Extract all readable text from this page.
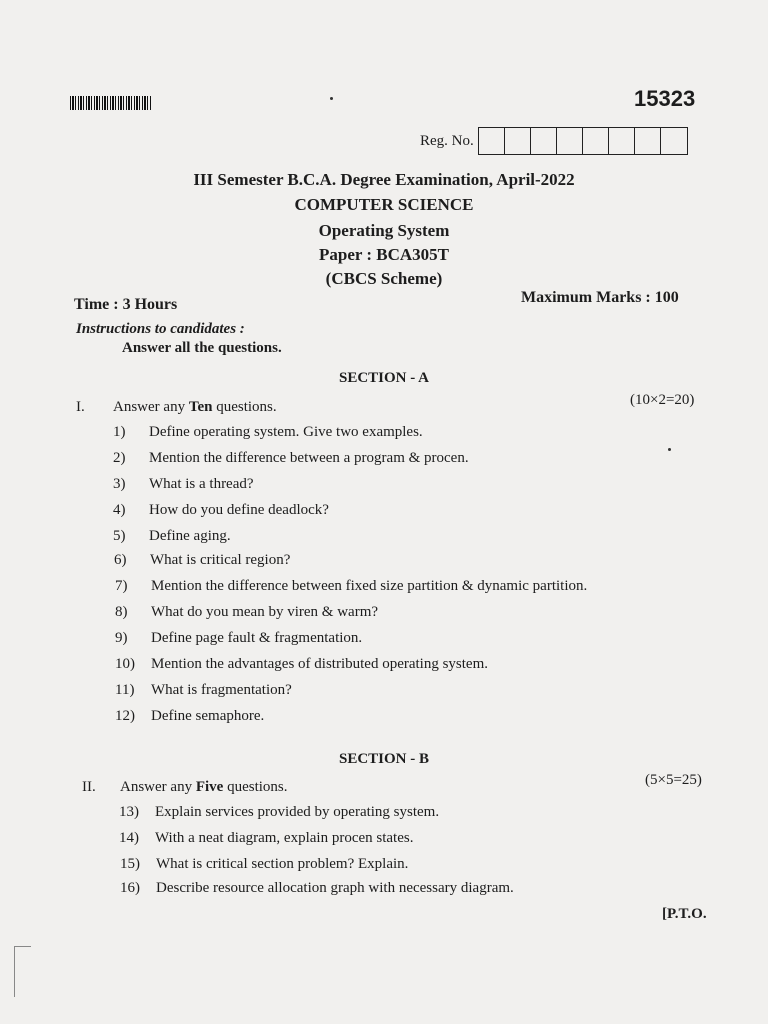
15323
Reg. No.
III Semester B.C.A. Degree Examination, April-2022
COMPUTER SCIENCE
Operating System
Paper : BCA305T
(CBCS Scheme)
Time : 3 Hours	Maximum Marks : 100
Instructions to candidates :
Answer all the questions.
SECTION - A
I. Answer any Ten questions.	(10×2=20)
1) Define operating system. Give two examples.
2) Mention the difference between a program & procen.
3) What is a thread?
4) How do you define deadlock?
5) Define aging.
6) What is critical region?
7) Mention the difference between fixed size partition & dynamic partition.
8) What do you mean by viren & warm?
9) Define page fault & fragmentation.
10) Mention the advantages of distributed operating system.
11) What is fragmentation?
12) Define semaphore.
SECTION - B
II. Answer any Five questions.	(5×5=25)
13) Explain services provided by operating system.
14) With a neat diagram, explain procen states.
15) What is critical section problem? Explain.
16) Describe resource allocation graph with necessary diagram.
[P.T.O.
